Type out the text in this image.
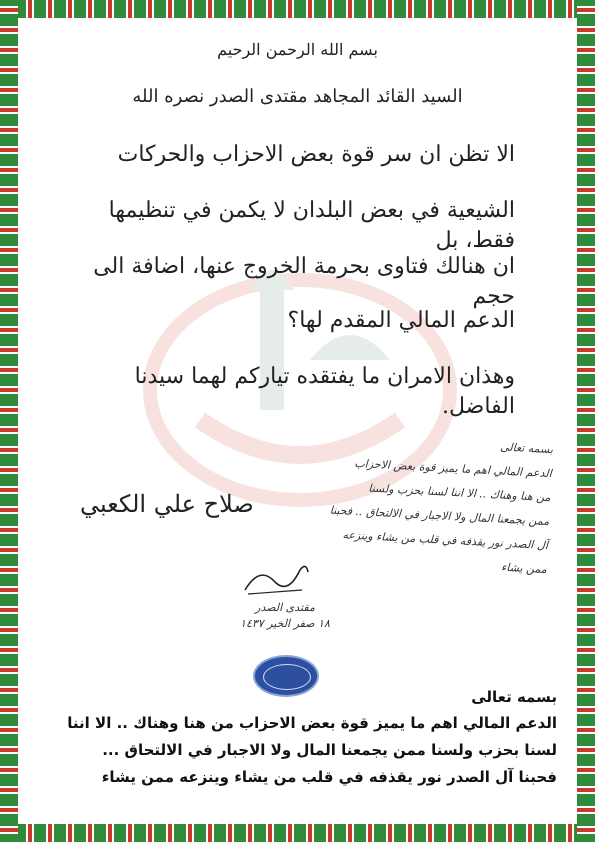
بسم الله الرحمن الرحيم
السيد القائد المجاهد مقتدى الصدر نصره الله
الا تظن ان سر قوة بعض الاحزاب والحركات
الشيعية في بعض البلدان لا يكمن في تنظيمها فقط، بل
ان هنالك فتاوى بحرمة الخروج عنها، اضافة الى حجم
الدعم المالي المقدم لها؟
وهذان الامران ما يفتقده تياركم لهما سيدنا الفاضل.
صلاح علي الكعبي
بسمه تعالى
الدعم المالي اهم ما يميز قوة بعض الاحزاب
من هنا وهناك .. الا اننا لسنا بحزب ولسنا
ممن يجمعنا المال ولا الاجبار في الالتحاق .. فحبنا
آل الصدر نور يقذفه في قلب من يشاء وينزعه
ممن يشاء
مقتدى الصدر
١٨ صفر الخير ١٤٣٧
بسمه تعالى
الدعم المالي اهم ما يميز قوة بعض الاحزاب من هنا وهناك .. الا اننا
لسنا بحزب ولسنا ممن يجمعنا المال ولا الاجبار في الالتحاق ...
فحبنا آل الصدر نور يقذفه في قلب من يشاء وينزعه ممن يشاء
